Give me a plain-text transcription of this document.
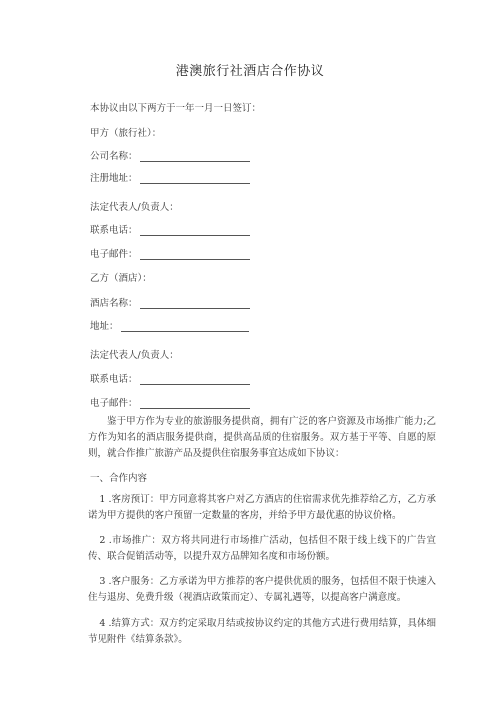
港澳旅行社酒店合作协议
本协议由以下两方于一年一月一日签订：
甲方（旅行社）：
公司名称：
注册地址：
法定代表人/负责人：
联系电话：
电子邮件：
乙方（酒店）：
酒店名称：
地址：
法定代表人/负责人：
联系电话：
电子邮件：
鉴于甲方作为专业的旅游服务提供商，拥有广泛的客户资源及市场推广能力;乙方作为知名的酒店服务提供商，提供高品质的住宿服务。双方基于平等、自愿的原则，就合作推广旅游产品及提供住宿服务事宜达成如下协议：
一、合作内容
1 .客房预订：甲方同意将其客户对乙方酒店的住宿需求优先推荐给乙方，乙方承诺为甲方提供的客户预留一定数量的客房，并给予甲方最优惠的协议价格。
2 .市场推广：双方将共同进行市场推广活动，包括但不限于线上线下的广告宣传、联合促销活动等，以提升双方品牌知名度和市场份额。
3 .客户服务：乙方承诺为甲方推荐的客户提供优质的服务，包括但不限于快速入住与退房、免费升级（视酒店政策而定）、专属礼遇等，以提高客户满意度。
4 .结算方式：双方约定采取月结或按协议约定的其他方式进行费用结算，具体细节见附件《结算条款》。
